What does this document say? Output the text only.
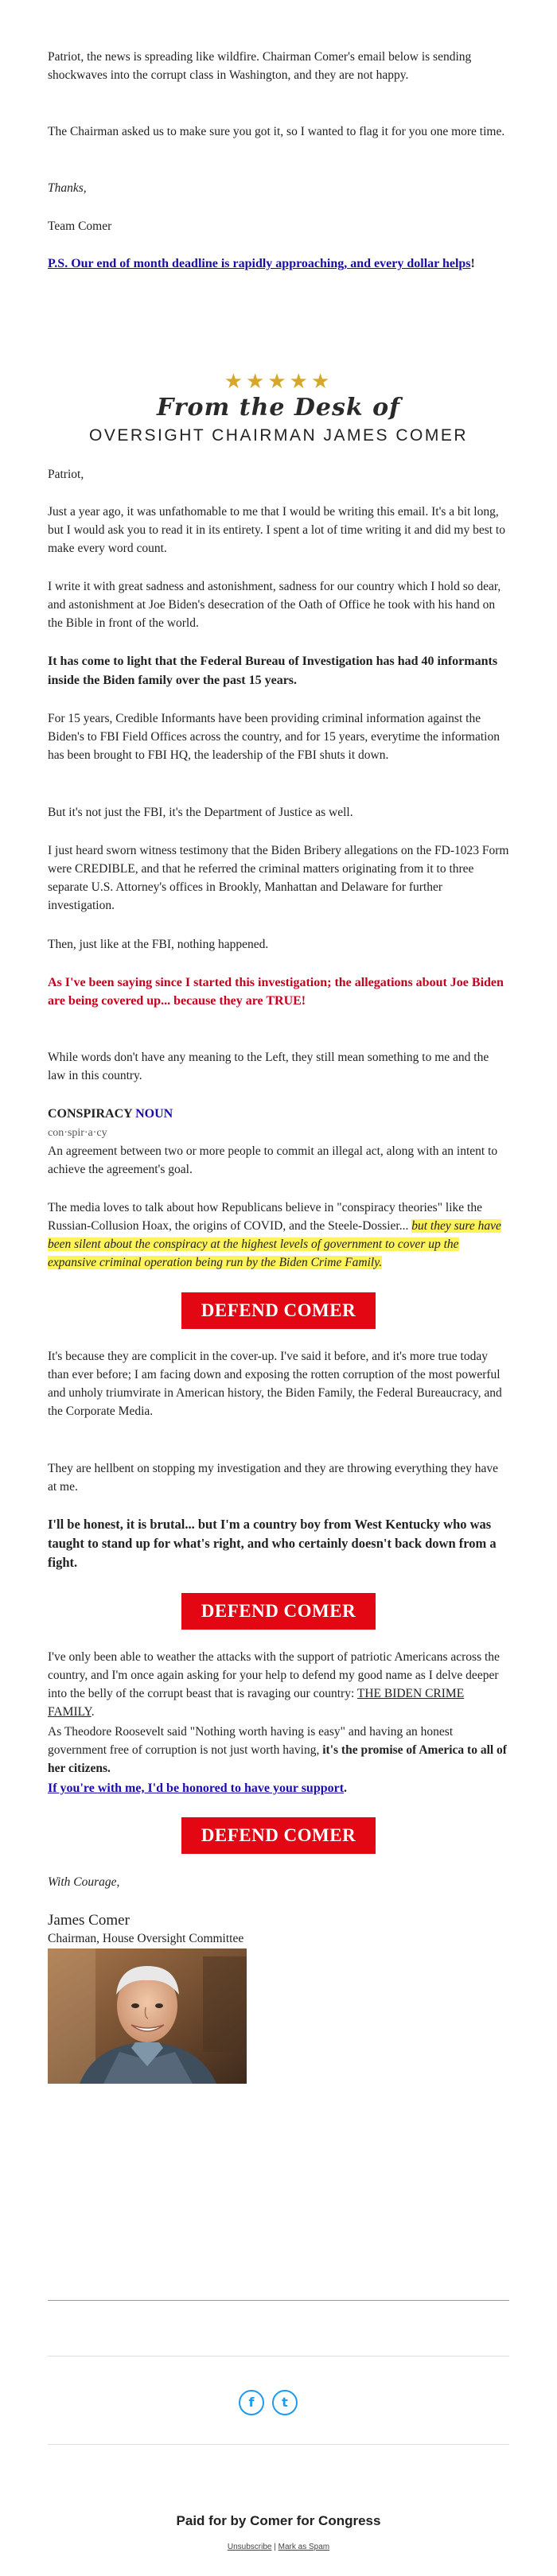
Patriot, the news is spreading like wildfire. Chairman Comer's email below is sending shockwaves into the corrupt class in Washington, and they are not happy.

The Chairman asked us to make sure you got it, so I wanted to flag it for you one more time.

Thanks,

Team Comer

P.S. Our end of month deadline is rapidly approaching, and every dollar helps!

★★★★★
From the Desk of
OVERSIGHT CHAIRMAN JAMES COMER

Patriot,

Just a year ago, it was unfathomable to me that I would be writing this email. It's a bit long, but I would ask you to read it in its entirety. I spent a lot of time writing it and did my best to make every word count.

I write it with great sadness and astonishment, sadness for our country which I hold so dear, and astonishment at Joe Biden's desecration of the Oath of Office he took with his hand on the Bible in front of the world.

It has come to light that the Federal Bureau of Investigation has had 40 informants inside the Biden family over the past 15 years.

For 15 years, Credible Informants have been providing criminal information against the Biden's to FBI Field Offices across the country, and for 15 years, everytime the information has been brought to FBI HQ, the leadership of the FBI shuts it down.

But it's not just the FBI, it's the Department of Justice as well.

I just heard sworn witness testimony that the Biden Bribery allegations on the FD-1023 Form were CREDIBLE, and that he referred the criminal matters originating from it to three separate U.S. Attorney's offices in Brookly, Manhattan and Delaware for further investigation.

Then, just like at the FBI, nothing happened.

As I've been saying since I started this investigation; the allegations about Joe Biden are being covered up... because they are TRUE!

While words don't have any meaning to the Left, they still mean something to me and the law in this country.

CONSPIRACY NOUN

con·spir·a·cy

An agreement between two or more people to commit an illegal act, along with an intent to achieve the agreement's goal.

The media loves to talk about how Republicans believe in "conspiracy theories" like the Russian-Collusion Hoax, the origins of COVID, and the Steele-Dossier... but they sure have been silent about the conspiracy at the highest levels of government to cover up the expansive criminal operation being run by the Biden Crime Family.

DEFEND COMER

It's because they are complicit in the cover-up. I've said it before, and it's more true today than ever before; I am facing down and exposing the rotten corruption of the most powerful and unholy triumvirate in American history, the Biden Family, the Federal Bureaucracy, and the Corporate Media.

They are hellbent on stopping my investigation and they are throwing everything they have at me.

I'll be honest, it is brutal... but I'm a country boy from West Kentucky who was taught to stand up for what's right, and who certainly doesn't back down from a fight.

DEFEND COMER

I've only been able to weather the attacks with the support of patriotic Americans across the country, and I'm once again asking for your help to defend my good name as I delve deeper into the belly of the corrupt beast that is ravaging our country: THE BIDEN CRIME FAMILY.

As Theodore Roosevelt said "Nothing worth having is easy" and having an honest government free of corruption is not just worth having, it's the promise of America to all of her citizens.

If you're with me, I'd be honored to have your support.

DEFEND COMER

With Courage,

James Comer

Chairman, House Oversight Committee

f	t
Paid for by Comer for Congress
Unsubscribe | Mark as Spam
